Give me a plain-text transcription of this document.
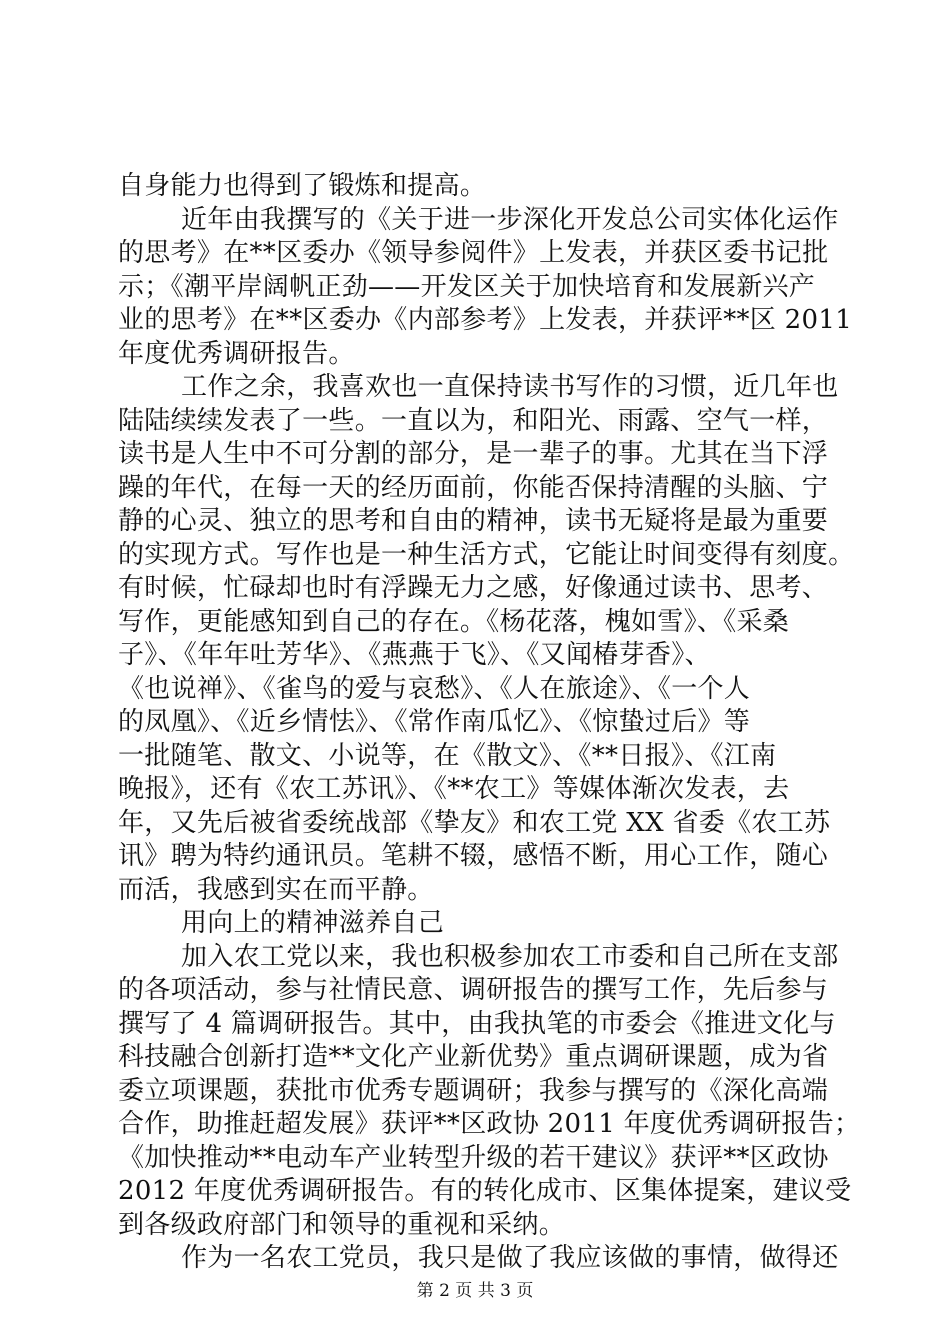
自身能力也得到了锻炼和提高。
近年由我撰写的《关于进一步深化开发总公司实体化运作
的思考》在**区委办《领导参阅件》上发表，并获区委书记批
示；《潮平岸阔帆正劲——开发区关于加快培育和发展新兴产
业的思考》在**区委办《内部参考》上发表，并获评**区 2011
年度优秀调研报告。
工作之余，我喜欢也一直保持读书写作的习惯，近几年也
陆陆续续发表了一些。一直以为，和阳光、雨露、空气一样，
读书是人生中不可分割的部分，是一辈子的事。尤其在当下浮
躁的年代，在每一天的经历面前，你能否保持清醒的头脑、宁
静的心灵、独立的思考和自由的精神，读书无疑将是最为重要
的实现方式。写作也是一种生活方式，它能让时间变得有刻度。
有时候，忙碌却也时有浮躁无力之感，好像通过读书、思考、
写作，更能感知到自己的存在。《杨花落，槐如雪》、《采桑
子》、《年年吐芳华》、《燕燕于飞》、《又闻椿芽香》、
《也说禅》、《雀鸟的爱与哀愁》、《人在旅途》、《一个人
的凤凰》、《近乡情怯》、《常作南瓜忆》、《惊蛰过后》等
一批随笔、散文、小说等，在《散文》、《**日报》、《江南
晚报》，还有《农工苏讯》、《**农工》等媒体渐次发表，去
年，又先后被省委统战部《挚友》和农工党 XX 省委《农工苏
讯》聘为特约通讯员。笔耕不辍，感悟不断，用心工作，随心
而活，我感到实在而平静。
用向上的精神滋养自己
加入农工党以来，我也积极参加农工市委和自己所在支部
的各项活动，参与社情民意、调研报告的撰写工作，先后参与
撰写了 4 篇调研报告。其中，由我执笔的市委会《推进文化与
科技融合创新打造**文化产业新优势》重点调研课题，成为省
委立项课题，获批市优秀专题调研；我参与撰写的《深化高端
合作，助推赶超发展》获评**区政协 2011 年度优秀调研报告；
《加快推动**电动车产业转型升级的若干建议》获评**区政协
2012 年度优秀调研报告。有的转化成市、区集体提案，建议受
到各级政府部门和领导的重视和采纳。
作为一名农工党员，我只是做了我应该做的事情，做得还
第 2 页 共 3 页
